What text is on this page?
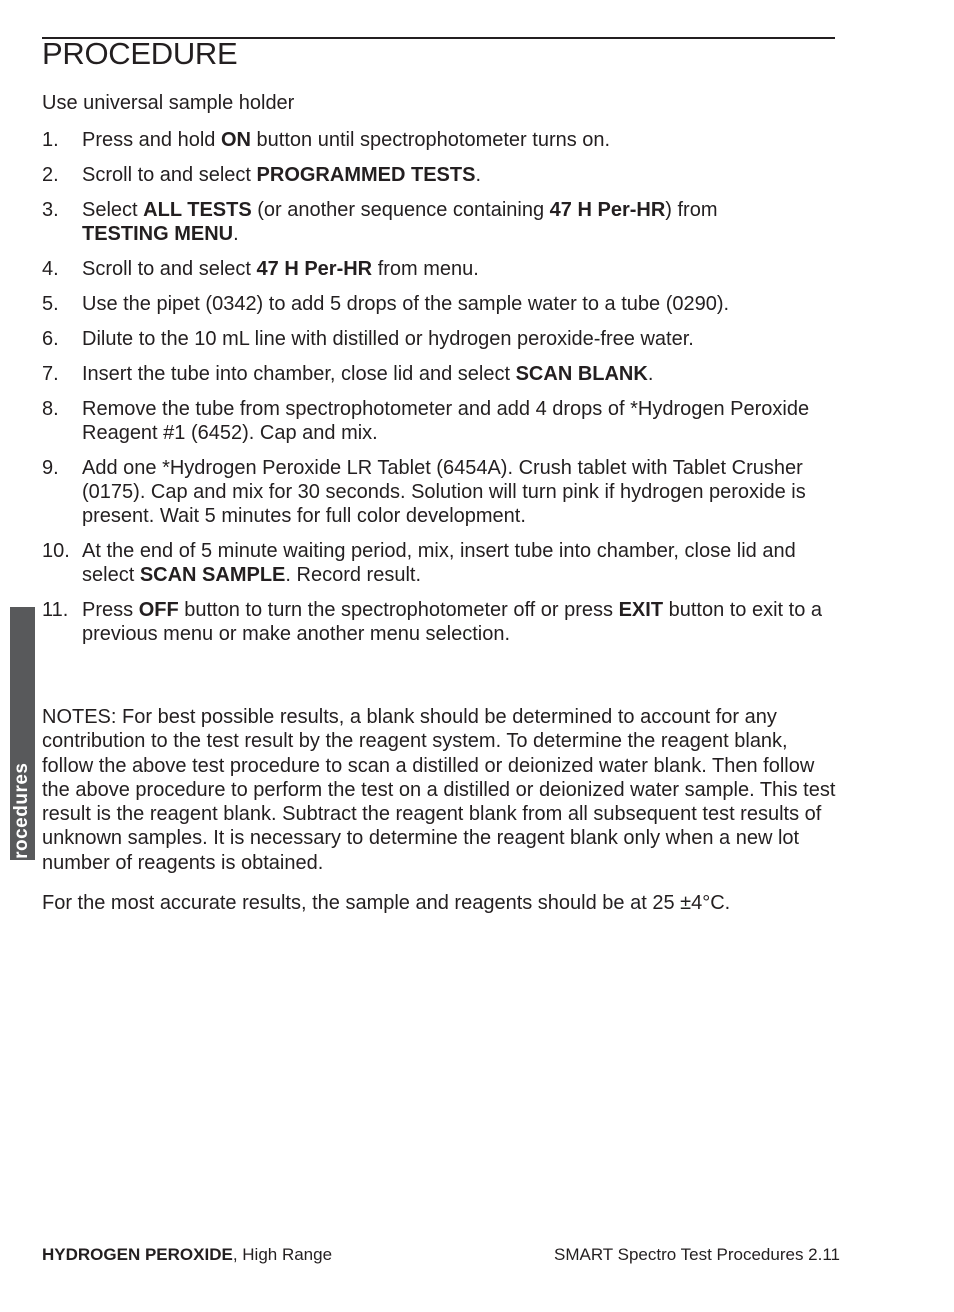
PROCEDURE
Use universal sample holder
1. Press and hold ON button until spectrophotometer turns on.
2. Scroll to and select PROGRAMMED TESTS.
3. Select ALL TESTS (or another sequence containing 47 H Per-HR) from
TESTING MENU.
4. Scroll to and select 47 H Per-HR from menu.
5. Use the pipet (0342) to add 5 drops of the sample water to a tube (0290).
6. Dilute to the 10 mL line with distilled or hydrogen peroxide-free water.
7. Insert the tube into chamber, close lid and select SCAN BLANK.
8. Remove the tube from spectrophotometer and add 4 drops of *Hydrogen Peroxide Reagent #1 (6452). Cap and mix.
9. Add one *Hydrogen Peroxide LR Tablet (6454A). Crush tablet with Tablet Crusher (0175). Cap and mix for 30 seconds. Solution will turn pink if hydrogen peroxide is present. Wait 5 minutes for full color development.
10. At the end of 5 minute waiting period, mix, insert tube into chamber, close lid and select SCAN SAMPLE. Record result.
11. Press OFF button to turn the spectrophotometer off or press EXIT button to exit to a previous menu or make another menu selection.

NOTES: For best possible results, a blank should be determined to account for any contribution to the test result by the reagent system. To determine the reagent blank, follow the above test procedure to scan a distilled or deionized water blank. Then follow the above procedure to perform the test on a distilled or deionized water sample. This test result is the reagent blank. Subtract the reagent blank from all subsequent test results of unknown samples. It is necessary to determine the reagent blank only when a new lot number of reagents is obtained.

For the most accurate results, the sample and reagents should be at 25 ±4°C.

Test Procedures
HYDROGEN PEROXIDE, High Range	SMART Spectro Test Procedures 2.11
